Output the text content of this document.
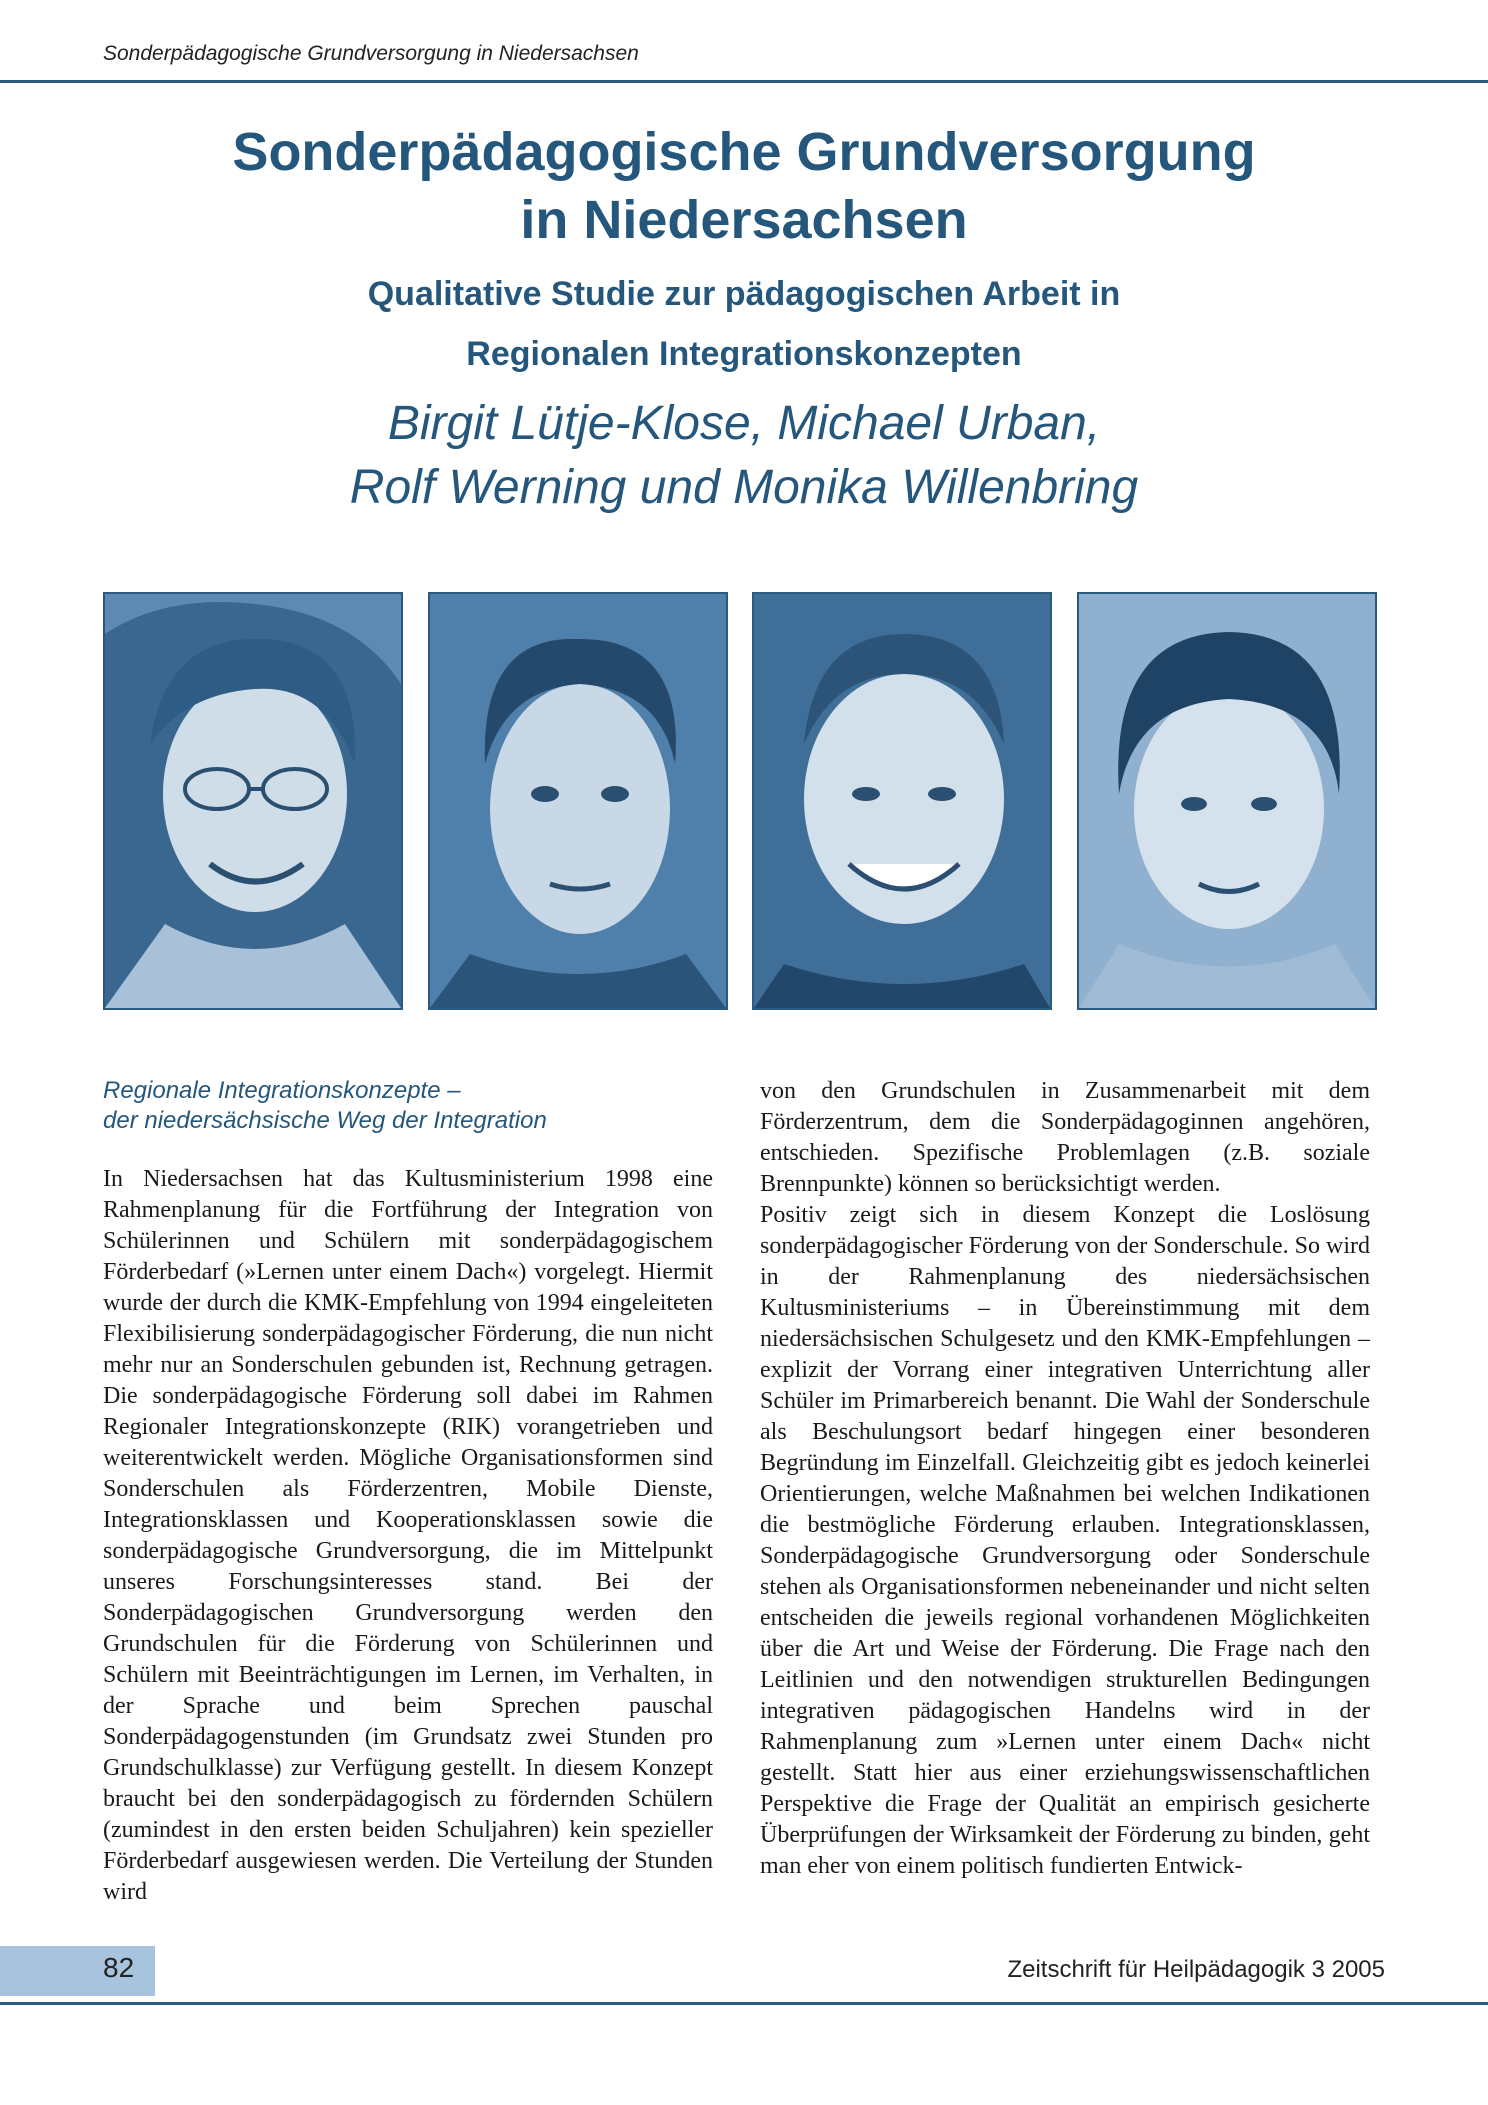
Sonderpädagogische Grundversorgung in Niedersachsen
Sonderpädagogische Grundversorgung
in Niedersachsen
Qualitative Studie zur pädagogischen Arbeit in
Regionalen Integrationskonzepten
Birgit Lütje-Klose, Michael Urban,
Rolf Werning und Monika Willenbring
Regionale Integrationskonzepte –
der niedersächsische Weg der Integration

In Niedersachsen hat das Kultusministerium 1998 eine Rahmenplanung für die Fortführung der Integration von Schülerinnen und Schülern mit sonderpädagogischem Förderbedarf (»Lernen unter einem Dach«) vorgelegt. Hiermit wurde der durch die KMK-Empfehlung von 1994 eingeleiteten Flexibilisierung sonderpädagogischer Förderung, die nun nicht mehr nur an Sonderschulen gebunden ist, Rechnung getragen. Die sonderpädagogische Förderung soll dabei im Rahmen Regionaler Integrationskonzepte (RIK) vorangetrieben und weiterentwickelt werden. Mögliche Organisationsformen sind Sonderschulen als Förderzentren, Mobile Dienste, Integrationsklassen und Kooperationsklassen sowie die sonderpädagogische Grundversorgung, die im Mittelpunkt unseres Forschungsinteresses stand. Bei der Sonderpädagogischen Grundversorgung werden den Grundschulen für die Förderung von Schülerinnen und Schülern mit Beeinträchtigungen im Lernen, im Verhalten, in der Sprache und beim Sprechen pauschal Sonderpädagogenstunden (im Grundsatz zwei Stunden pro Grundschulklasse) zur Verfügung gestellt. In diesem Konzept braucht bei den sonderpädagogisch zu fördernden Schülern (zumindest in den ersten beiden Schuljahren) kein spezieller Förderbedarf ausgewiesen werden. Die Verteilung der Stunden wird

von den Grundschulen in Zusammenarbeit mit dem Förderzentrum, dem die Sonderpädagoginnen angehören, entschieden. Spezifische Problemlagen (z.B. soziale Brennpunkte) können so berücksichtigt werden.

Positiv zeigt sich in diesem Konzept die Loslösung sonderpädagogischer Förderung von der Sonderschule. So wird in der Rahmenplanung des niedersächsischen Kultusministeriums – in Übereinstimmung mit dem niedersächsischen Schulgesetz und den KMK-Empfehlungen – explizit der Vorrang einer integrativen Unterrichtung aller Schüler im Primarbereich benannt. Die Wahl der Sonderschule als Beschulungsort bedarf hingegen einer besonderen Begründung im Einzelfall. Gleichzeitig gibt es jedoch keinerlei Orientierungen, welche Maßnahmen bei welchen Indikationen die bestmögliche Förderung erlauben. Integrationsklassen, Sonderpädagogische Grundversorgung oder Sonderschule stehen als Organisationsformen nebeneinander und nicht selten entscheiden die jeweils regional vorhandenen Möglichkeiten über die Art und Weise der Förderung. Die Frage nach den Leitlinien und den notwendigen strukturellen Bedingungen integrativen pädagogischen Handelns wird in der Rahmenplanung zum »Lernen unter einem Dach« nicht gestellt. Statt hier aus einer erziehungswissenschaftlichen Perspektive die Frage der Qualität an empirisch gesicherte Überprüfungen der Wirksamkeit der Förderung zu binden, geht man eher von einem politisch fundierten Entwick-

82	Zeitschrift für Heilpädagogik 3 2005
